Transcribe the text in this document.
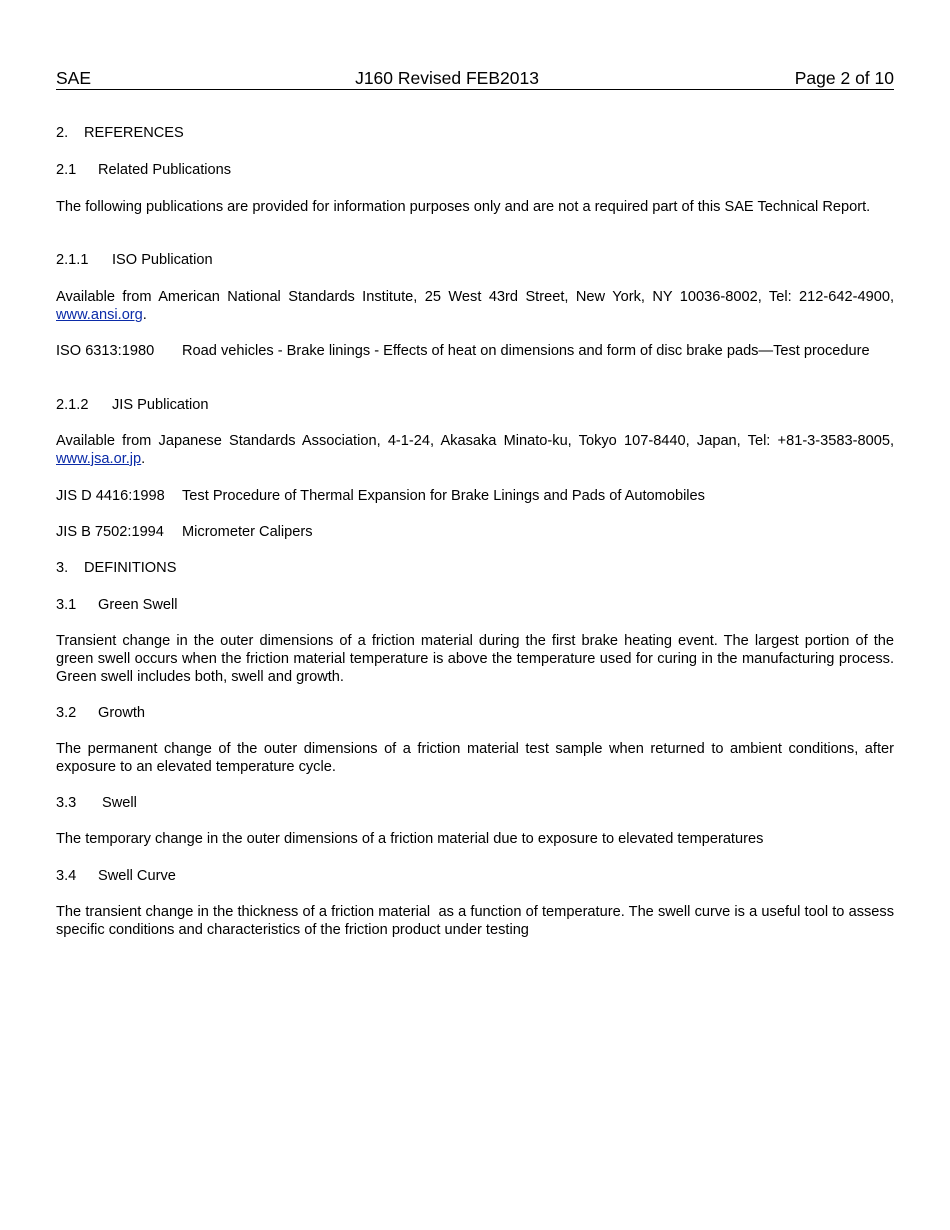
SAE	J160 Revised FEB2013	Page 2 of 10
2. REFERENCES
2.1 Related Publications

The following publications are provided for information purposes only and are not a required part of this SAE Technical Report.

2.1.1 ISO Publication

Available from American National Standards Institute, 25 West 43rd Street, New York, NY 10036-8002, Tel: 212-642-4900, www.ansi.org.

ISO 6313:1980 Road vehicles - Brake linings - Effects of heat on dimensions and form of disc brake pads—Test procedure
2.1.2 JIS Publication

Available from Japanese Standards Association, 4-1-24, Akasaka Minato-ku, Tokyo 107-8440, Japan, Tel: +81-3-3583-8005, www.jsa.or.jp.

JIS D 4416:1998 Test Procedure of Thermal Expansion for Brake Linings and Pads of Automobiles
JIS B 7502:1994 Micrometer Calipers
3. DEFINITIONS
3.1 Green Swell

Transient change in the outer dimensions of a friction material during the first brake heating event. The largest portion of the green swell occurs when the friction material temperature is above the temperature used for curing in the manufacturing process. Green swell includes both, swell and growth.

3.2 Growth

The permanent change of the outer dimensions of a friction material test sample when returned to ambient conditions, after exposure to an elevated temperature cycle.

3.3 Swell

The temporary change in the outer dimensions of a friction material due to exposure to elevated temperatures

3.4 Swell Curve

The transient change in the thickness of a friction material  as a function of temperature. The swell curve is a useful tool to assess specific conditions and characteristics of the friction product under testing
